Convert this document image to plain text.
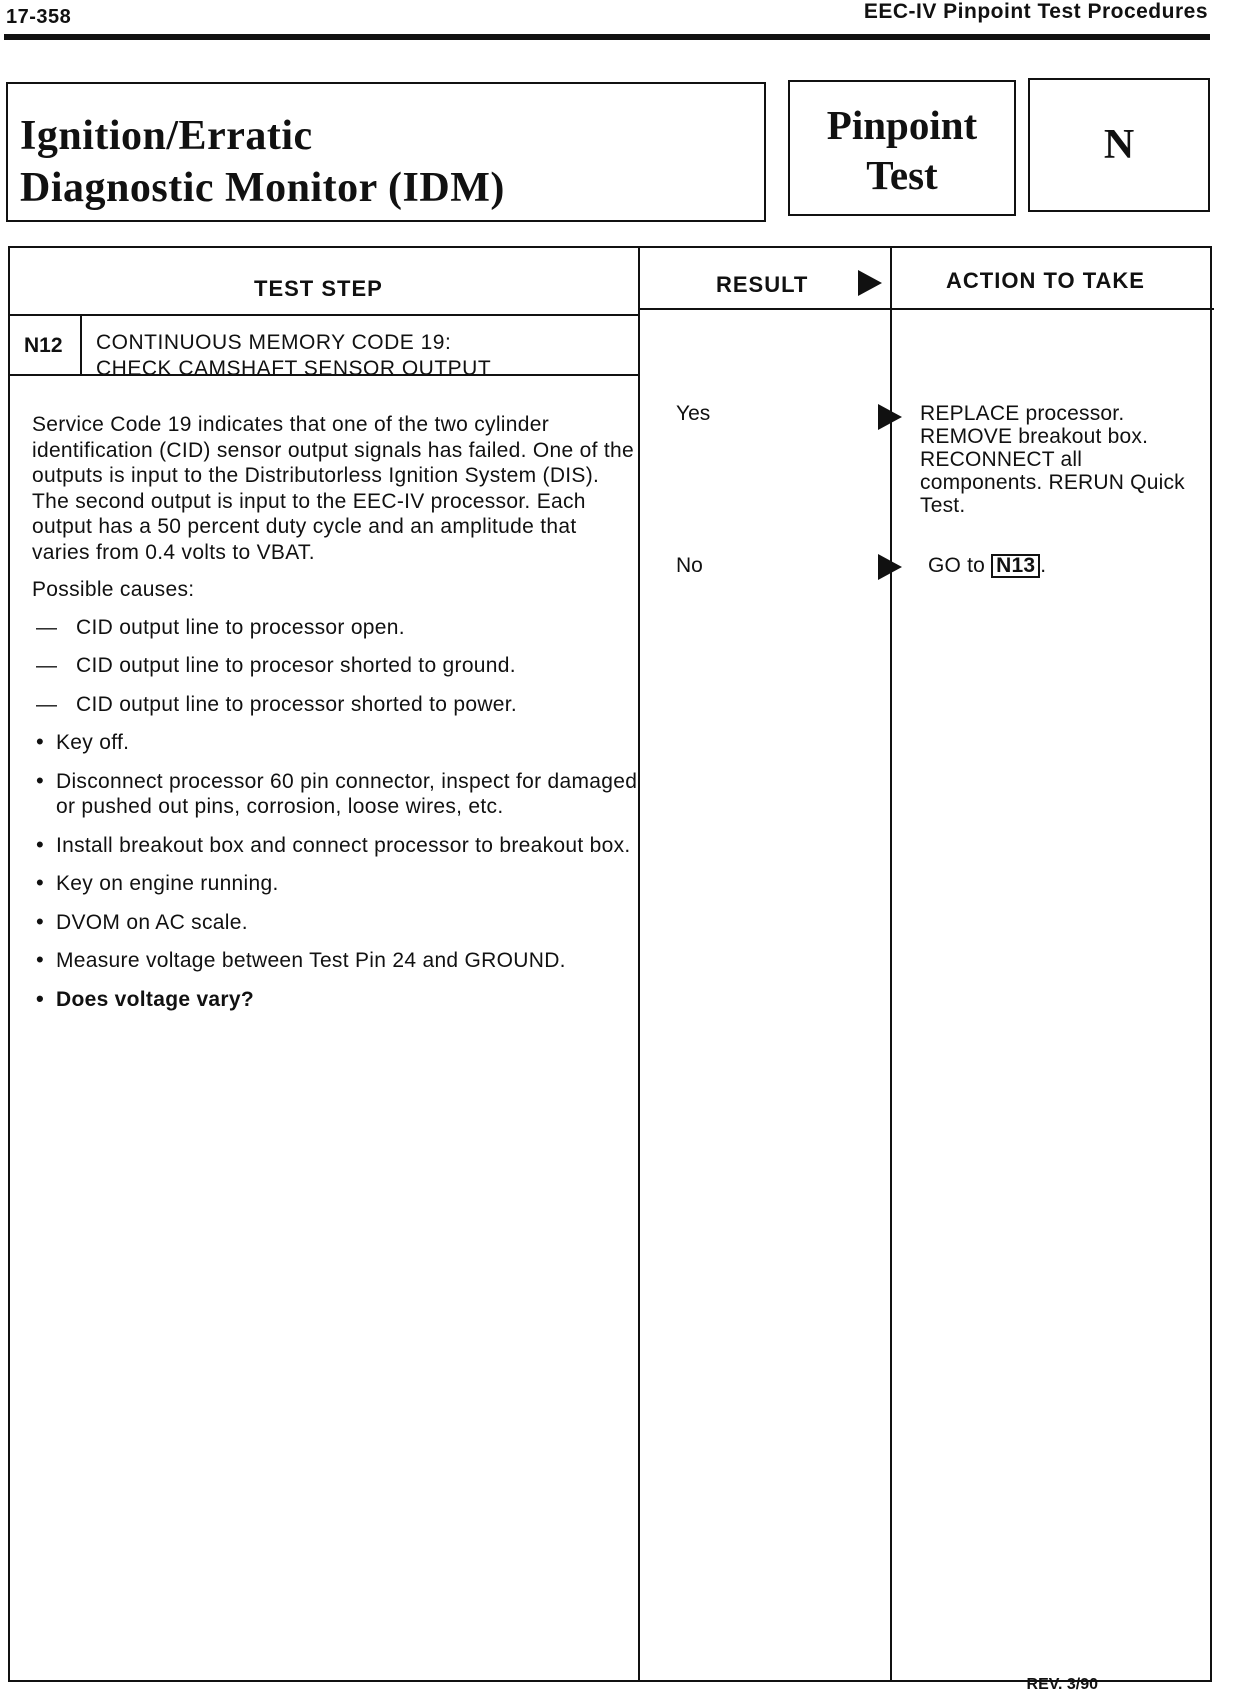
17-358	EEC-IV Pinpoint Test Procedures
Ignition/Erratic
Diagnostic Monitor (IDM)
Pinpoint
Test
N
TEST STEP	RESULT	ACTION TO TAKE
N12 CONTINUOUS MEMORY CODE 19:
CHECK CAMSHAFT SENSOR OUTPUT

Service Code 19 indicates that one of the two cylinder identification (CID) sensor output signals has failed. One of the outputs is input to the Distributorless Ignition System (DIS). The second output is input to the EEC-IV processor. Each output has a 50 percent duty cycle and an amplitude that varies from 0.4 volts to VBAT.

Possible causes:

— CID output line to processor open.
— CID output line to procesor shorted to ground.
— CID output line to processor shorted to power.
• Key off.
• Disconnect processor 60 pin connector, inspect for damaged or pushed out pins, corrosion, loose wires, etc.
• Install breakout box and connect processor to breakout box.
• Key on engine running.
• DVOM on AC scale.
• Measure voltage between Test Pin 24 and GROUND.
• Does voltage vary?
Yes	REPLACE processor. REMOVE breakout box. RECONNECT all components. RERUN Quick Test.
No	GO to N13 .
REV. 3/90
